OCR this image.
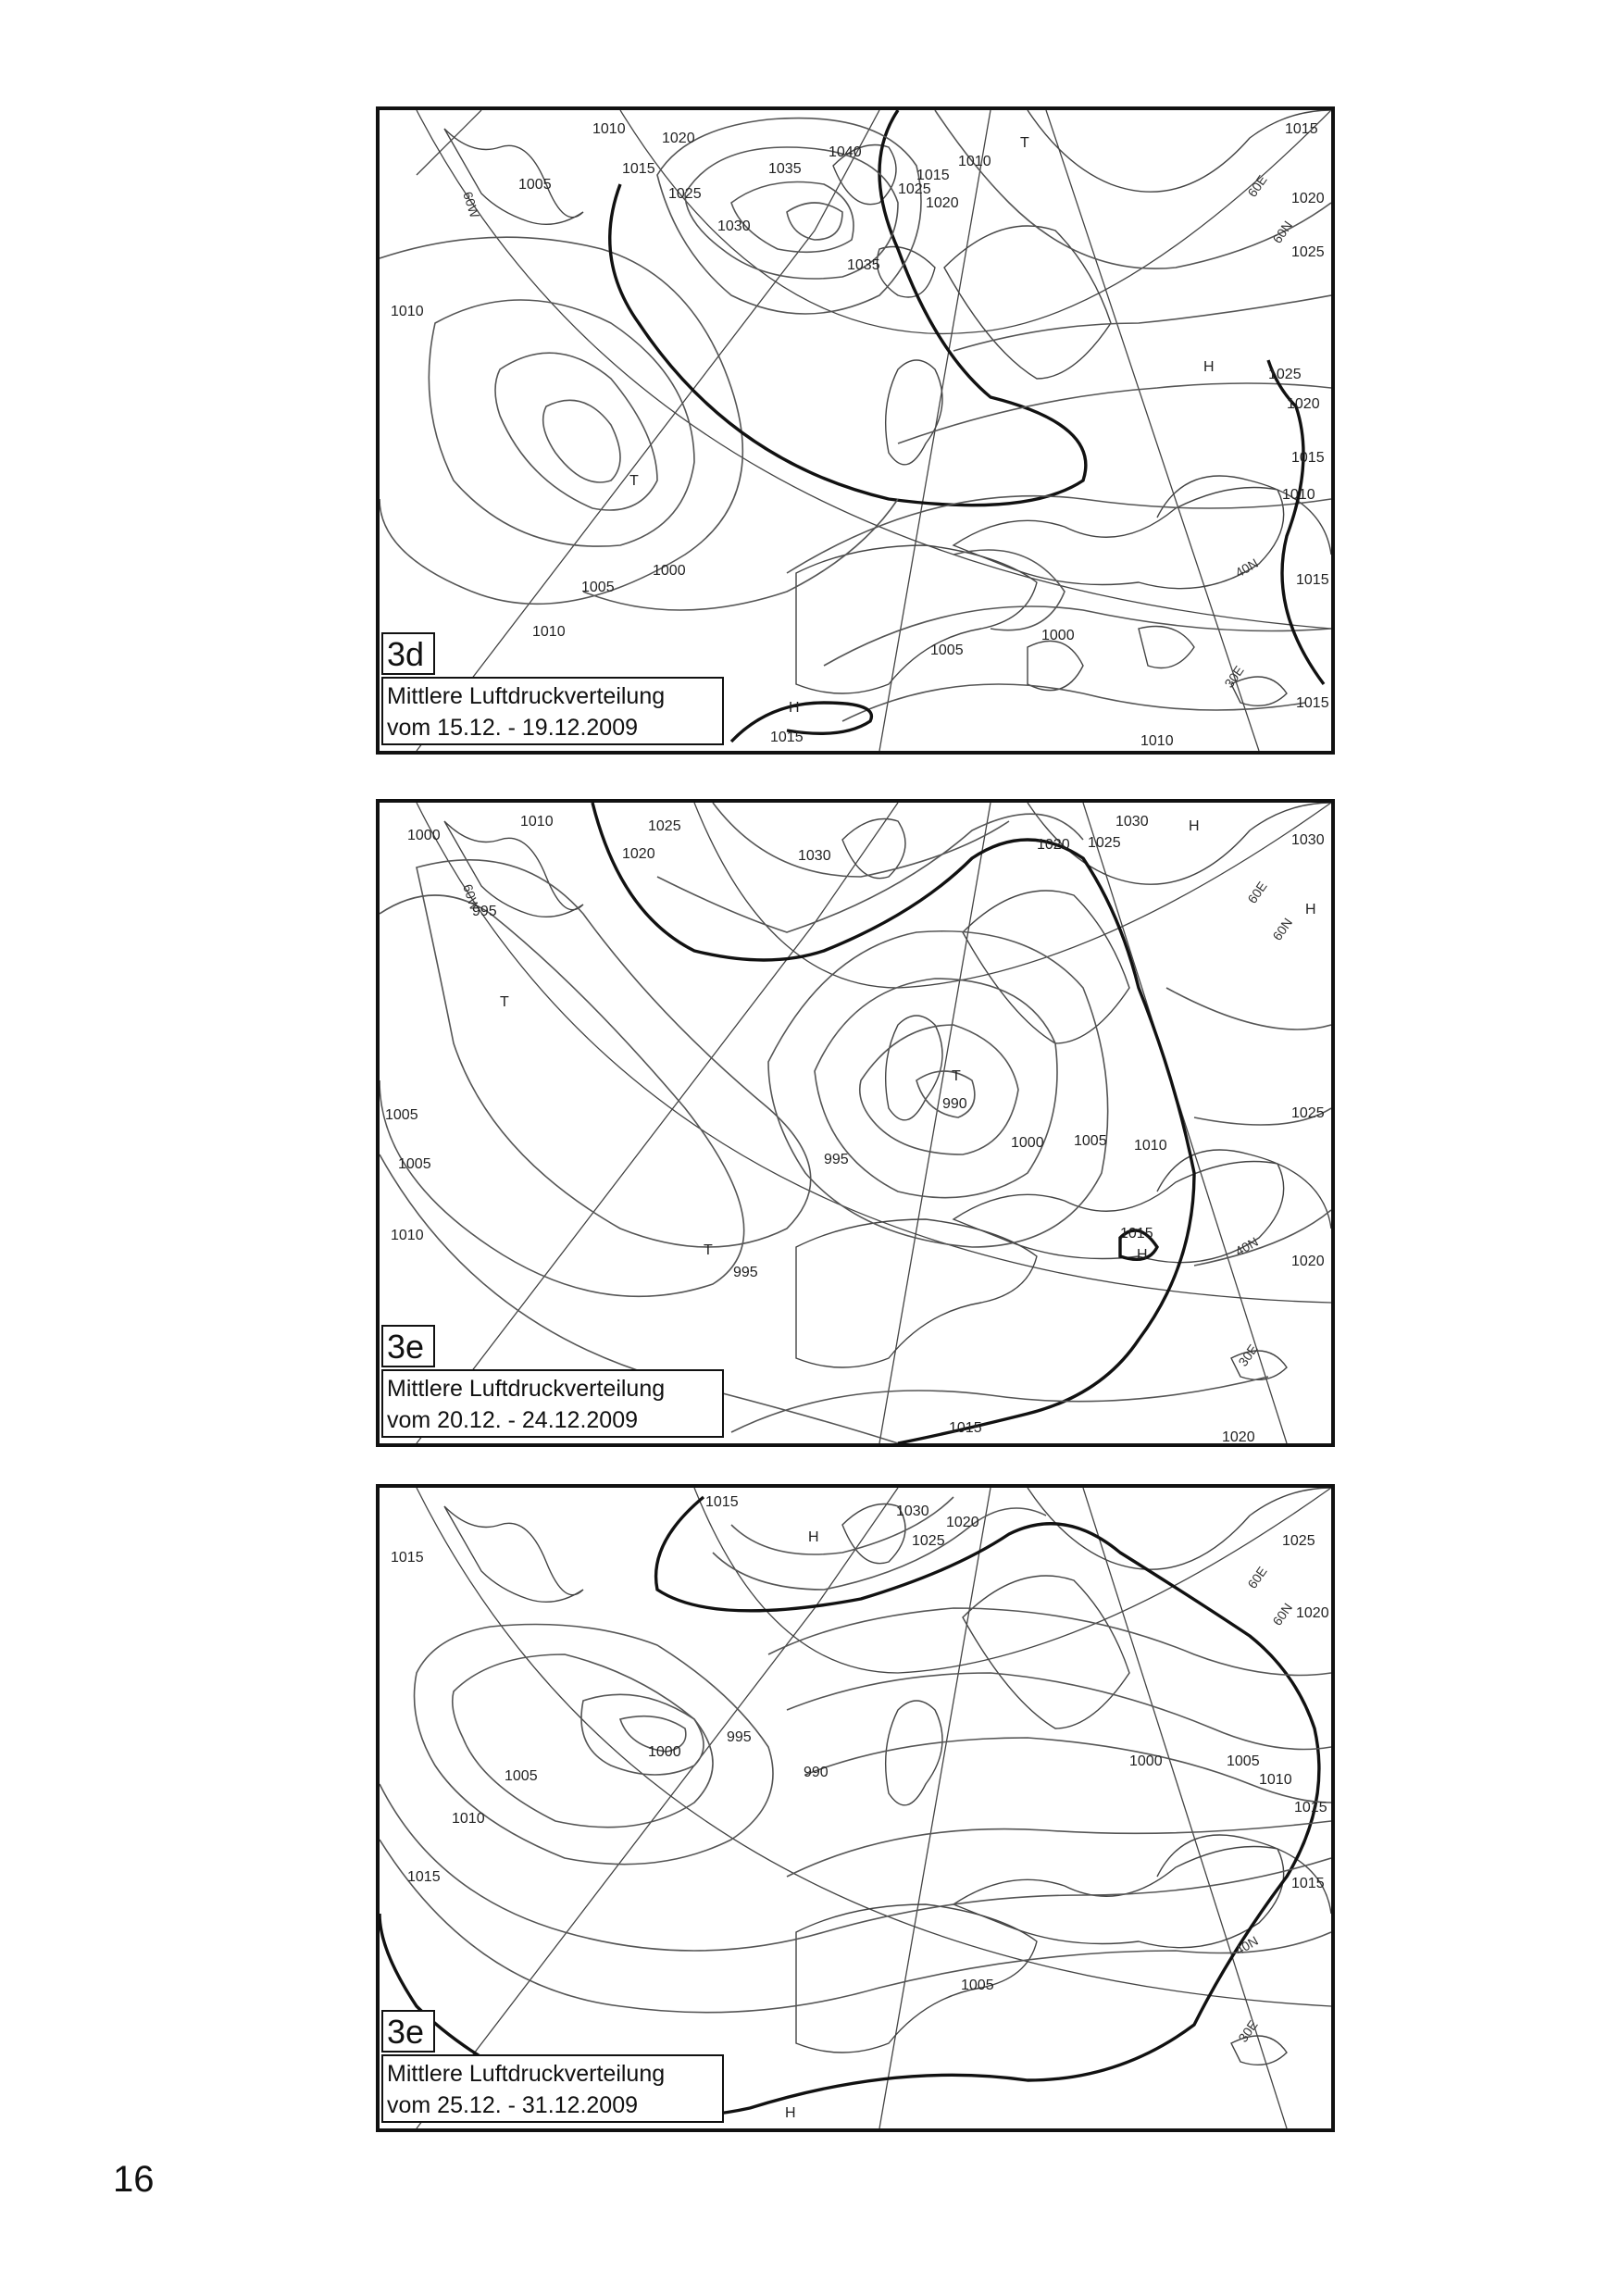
1010
1020
1015
1005
1035
1040
1025
1030
1035
1015
1010
1020
1025
1010
1000
1005
1010
1005
1000
1015
1015
1020
1025
1025
1020
1015
1010
1015
1015
1010
T
T
H
H
60W
40N
60N
60E
30E
3d
Mittlere Luftdruckverteilung
vom 15.12. - 19.12.2009
1005
1000
1010	1025
1020	1030
1020 1025
1030
1030
995
1005
1010
990
995
1000 1005 1010
995
1015
1025
1020
1015
1020
T
T
T
H
H
H
60W
40N
60N
60E
30E
3e
Mittlere Luftdruckverteilung
vom 20.12. - 24.12.2009
1015
1015
1030
1020
1025	1025
1020
995
990
1000
1005
1010
1015
1000	1005
1010
1015
1015
1005
H
H
40N
60N
60E
30E
3e
Mittlere Luftdruckverteilung
vom 25.12. - 31.12.2009
16
